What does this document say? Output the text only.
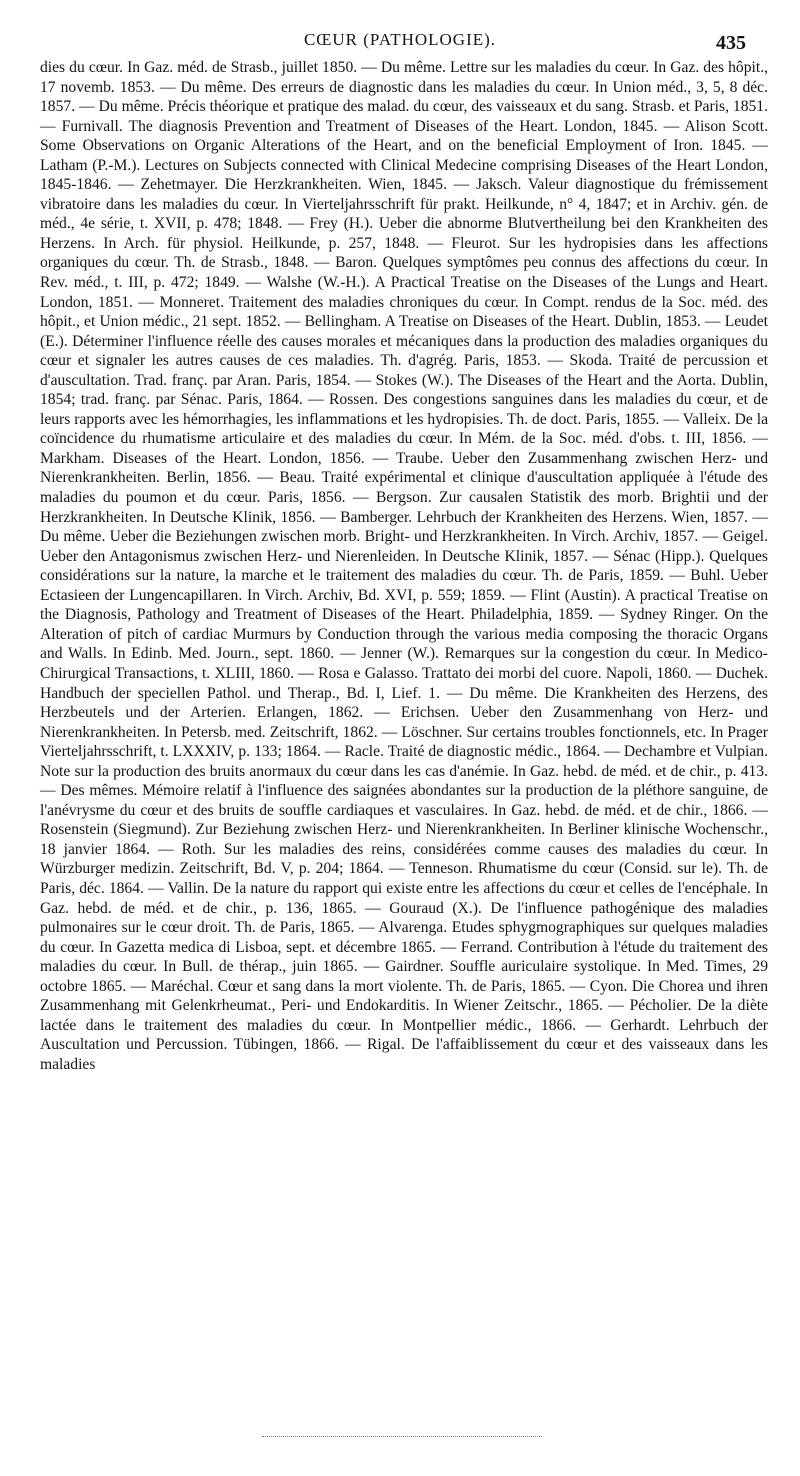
CŒUR (PATHOLOGIE).	435
dies du cœur. In Gaz. méd. de Strasb., juillet 1850. — Du même. Lettre sur les maladies du cœur. In Gaz. des hôpit., 17 novemb. 1853. — Du même. Des erreurs de diagnostic dans les maladies du cœur. In Union méd., 3, 5, 8 déc. 1857. — Du même. Précis théorique et pratique des malad. du cœur, des vaisseaux et du sang. Strasb. et Paris, 1851. — Furnivall. The diagnosis Prevention and Treatment of Diseases of the Heart. London, 1845. — Alison Scott. Some Observations on Organic Alterations of the Heart, and on the beneficial Employment of Iron. 1845. — Latham (P.-M.). Lectures on Subjects connected with Clinical Medecine comprising Diseases of the Heart London, 1845-1846. — Zehetmayer. Die Herzkrankheiten. Wien, 1845. — Jaksch. Valeur diagnostique du frémissement vibratoire dans les maladies du cœur. In Vierteljahrsschrift für prakt. Heilkunde, n° 4, 1847; et in Archiv. gén. de méd., 4e série, t. XVII, p. 478; 1848. — Frey (H.). Ueber die abnorme Blutvertheilung bei den Krankheiten des Herzens. In Arch. für physiol. Heilkunde, p. 257, 1848. — Fleurot. Sur les hydropisies dans les affections organiques du cœur. Th. de Strasb., 1848. — Baron. Quelques symptômes peu connus des affections du cœur. In Rev. méd., t. III, p. 472; 1849. — Walshe (W.-H.). A Practical Treatise on the Diseases of the Lungs and Heart. London, 1851. — Monneret. Traitement des maladies chroniques du cœur. In Compt. rendus de la Soc. méd. des hôpit., et Union médic., 21 sept. 1852. — Bellingham. A Treatise on Diseases of the Heart. Dublin, 1853. — Leudet (E.). Déterminer l'influence réelle des causes morales et mécaniques dans la production des maladies organiques du cœur et signaler les autres causes de ces maladies. Th. d'agrég. Paris, 1853. — Skoda. Traité de percussion et d'auscultation. Trad. franç. par Aran. Paris, 1854. — Stokes (W.). The Diseases of the Heart and the Aorta. Dublin, 1854; trad. franç. par Sénac. Paris, 1864. — Rossen. Des congestions sanguines dans les maladies du cœur, et de leurs rapports avec les hémorrhagies, les inflammations et les hydropisies. Th. de doct. Paris, 1855. — Valleix. De la coïncidence du rhumatisme articulaire et des maladies du cœur. In Mém. de la Soc. méd. d'obs. t. III, 1856. — Markham. Diseases of the Heart. London, 1856. — Traube. Ueber den Zusammenhang zwischen Herz- und Nierenkrankheiten. Berlin, 1856. — Beau. Traité expérimental et clinique d'auscultation appliquée à l'étude des maladies du poumon et du cœur. Paris, 1856. — Bergson. Zur causalen Statistik des morb. Brightii und der Herzkrankheiten. In Deutsche Klinik, 1856. — Bamberger. Lehrbuch der Krankheiten des Herzens. Wien, 1857. — Du même. Ueber die Beziehungen zwischen morb. Bright- und Herzkrankheiten. In Virch. Archiv, 1857. — Geigel. Ueber den Antagonismus zwischen Herz- und Nierenleiden. In Deutsche Klinik, 1857. — Sénac (Hipp.). Quelques considérations sur la nature, la marche et le traitement des maladies du cœur. Th. de Paris, 1859. — Buhl. Ueber Ectasieen der Lungencapillaren. In Virch. Archiv, Bd. XVI, p. 559; 1859. — Flint (Austin). A practical Treatise on the Diagnosis, Pathology and Treatment of Diseases of the Heart. Philadelphia, 1859. — Sydney Ringer. On the Alteration of pitch of cardiac Murmurs by Conduction through the various media composing the thoracic Organs and Walls. In Edinb. Med. Journ., sept. 1860. — Jenner (W.). Remarques sur la congestion du cœur. In Medico-Chirurgical Transactions, t. XLIII, 1860. — Rosa e Galasso. Trattato dei morbi del cuore. Napoli, 1860. — Duchek. Handbuch der speciellen Pathol. und Therap., Bd. I, Lief. 1. — Du même. Die Krankheiten des Herzens, des Herzbeutels und der Arterien. Erlangen, 1862. — Erichsen. Ueber den Zusammenhang von Herz- und Nierenkrankheiten. In Petersb. med. Zeitschrift, 1862. — Löschner. Sur certains troubles fonctionnels, etc. In Prager Vierteljahrsschrift, t. LXXXIV, p. 133; 1864. — Racle. Traité de diagnostic médic., 1864. — Dechambre et Vulpian. Note sur la production des bruits anormaux du cœur dans les cas d'anémie. In Gaz. hebd. de méd. et de chir., p. 413. — Des mêmes. Mémoire relatif à l'influence des saignées abondantes sur la production de la pléthore sanguine, de l'anévrysme du cœur et des bruits de souffle cardiaques et vasculaires. In Gaz. hebd. de méd. et de chir., 1866. — Rosenstein (Siegmund). Zur Beziehung zwischen Herz- und Nierenkrankheiten. In Berliner klinische Wochenschr., 18 janvier 1864. — Roth. Sur les maladies des reins, considérées comme causes des maladies du cœur. In Würzburger medizin. Zeitschrift, Bd. V, p. 204; 1864. — Tenneson. Rhumatisme du cœur (Consid. sur le). Th. de Paris, déc. 1864. — Vallin. De la nature du rapport qui existe entre les affections du cœur et celles de l'encéphale. In Gaz. hebd. de méd. et de chir., p. 136, 1865. — Gouraud (X.). De l'influence pathogénique des maladies pulmonaires sur le cœur droit. Th. de Paris, 1865. — Alvarenga. Etudes sphygmographiques sur quelques maladies du cœur. In Gazetta medica di Lisboa, sept. et décembre 1865. — Ferrand. Contribution à l'étude du traitement des maladies du cœur. In Bull. de thérap., juin 1865. — Gairdner. Souffle auriculaire systolique. In Med. Times, 29 octobre 1865. — Maréchal. Cœur et sang dans la mort violente. Th. de Paris, 1865. — Cyon. Die Chorea und ihren Zusammenhang mit Gelenkrheumat., Peri- und Endokarditis. In Wiener Zeitschr., 1865. — Pécholier. De la diète lactée dans le traitement des maladies du cœur. In Montpellier médic., 1866. — Gerhardt. Lehrbuch der Auscultation und Percussion. Tübingen, 1866. — Rigal. De l'affaiblissement du cœur et des vaisseaux dans les maladies
